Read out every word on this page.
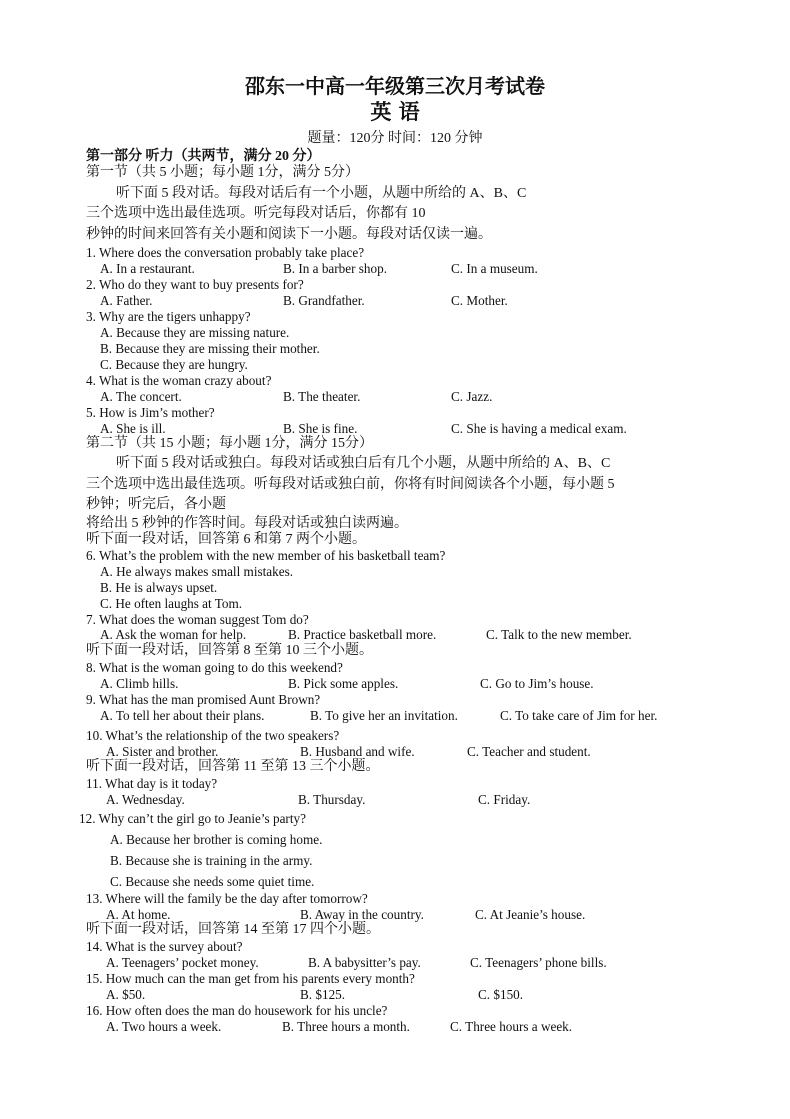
邵东一中高一年级第三次月考试卷
英 语
题量：120分 时间：120 分钟
第一部分 听力（共两节，满分 20 分）
第一节（共 5 小题；每小题 1分，满分 5分）
听下面 5 段对话。每段对话后有一个小题，从题中所给的 A、B、C
三个选项中选出最佳选项。听完每段对话后，你都有 10
秒钟的时间来回答有关小题和阅读下一小题。每段对话仅读一遍。
1. Where does the conversation probably take place?
A. In a restaurant.	B. In a barber shop.	C. In a museum.
2. Who do they want to buy presents for?
A. Father.	B. Grandfather.	C. Mother.
3. Why are the tigers unhappy?
A. Because they are missing nature.
B. Because they are missing their mother.
C. Because they are hungry.
4. What is the woman crazy about?
A. The concert.	B. The theater.	C. Jazz.
5. How is Jim’s mother?
A. She is ill.	B. She is fine.	C. She is having a medical exam.
第二节（共 15 小题；每小题 1分，满分 15分）
听下面 5 段对话或独白。每段对话或独白后有几个小题，从题中所给的 A、B、C
三个选项中选出最佳选项。听每段对话或独白前，你将有时间阅读各个小题，每小题 5
秒钟；听完后，各小题
将给出 5 秒钟的作答时间。每段对话或独白读两遍。
听下面一段对话，回答第 6 和第 7 两个小题。
6. What’s the problem with the new member of his basketball team?
A. He always makes small mistakes.
B. He is always upset.
C. He often laughs at Tom.
7. What does the woman suggest Tom do?
A. Ask the woman for help.	B. Practice basketball more.	C. Talk to the new member.
听下面一段对话，回答第 8 至第 10 三个小题。
8. What is the woman going to do this weekend?
A. Climb hills.	B. Pick some apples.	C. Go to Jim’s house.
9. What has the man promised Aunt Brown?
A. To tell her about their plans.	B. To give her an invitation.	C. To take care of Jim for her.
10. What’s the relationship of the two speakers?
A. Sister and brother.	B. Husband and wife.	C. Teacher and student.
听下面一段对话，回答第 11 至第 13 三个小题。
11. What day is it today?
A. Wednesday.	B. Thursday.	C. Friday.
12. Why can’t the girl go to Jeanie’s party?
A. Because her brother is coming home.
B. Because she is training in the army.
C. Because she needs some quiet time.
13. Where will the family be the day after tomorrow?
A. At home.	B. Away in the country.	C. At Jeanie’s house.
听下面一段对话，回答第 14 至第 17 四个小题。
14. What is the survey about?
A. Teenagers’ pocket money.	B. A babysitter’s pay.	C. Teenagers’ phone bills.
15. How much can the man get from his parents every month?
A. $50.	B. $125.	C. $150.
16. How often does the man do housework for his uncle?
A. Two hours a week.	B. Three hours a month.	C. Three hours a week.
